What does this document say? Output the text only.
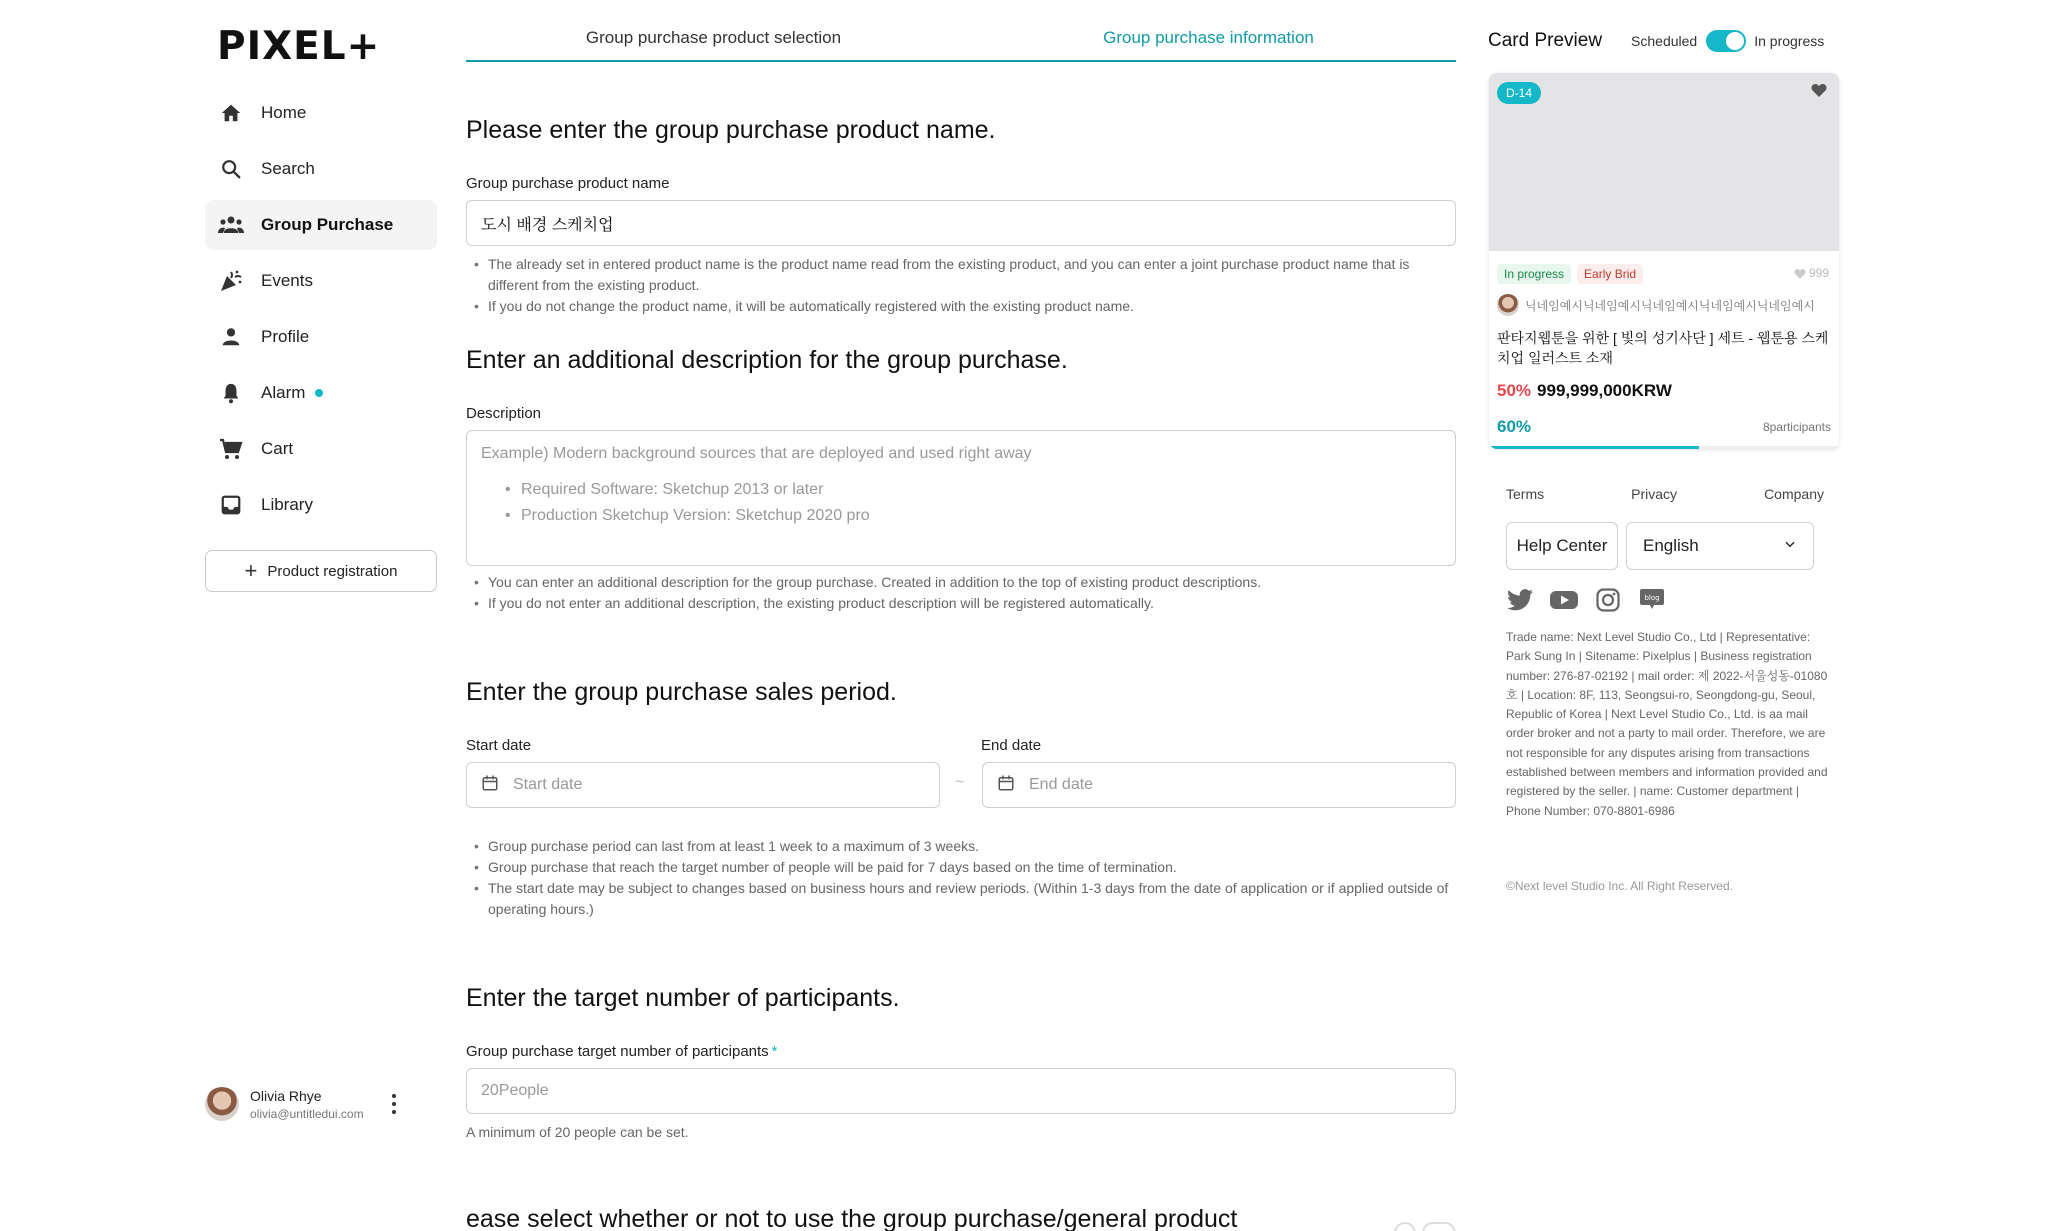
PIXEL+
Home
Search
Group Purchase
Events
Profile
Alarm
Cart
Library
+ Product registration
Olivia Rhye
olivia@untitledui.com
Group purchase product selection	Group purchase information
Please enter the group purchase product name.
Group purchase product name
도시 배경 스케치업
• The already set in entered product name is the product name read from the existing product, and you can enter a joint purchase product name that is different from the existing product.
• If you do not change the product name, it will be automatically registered with the existing product name.
Enter an additional description for the group purchase.
Description
Example) Modern background sources that are deployed and used right away
• Required Software: Sketchup 2013 or later
• Production Sketchup Version: Sketchup 2020 pro
• You can enter an additional description for the group purchase. Created in addition to the top of existing product descriptions.
• If you do not enter an additional description, the existing product description will be registered automatically.
Enter the group purchase sales period.
Start date	End date
Start date
~
End date
• Group purchase period can last from at least 1 week to a maximum of 3 weeks.
• Group purchase that reach the target number of people will be paid for 7 days based on the time of termination.
• The start date may be subject to changes based on business hours and review periods. (Within 1-3 days from the date of application or if applied outside of operating hours.)
Enter the target number of participants.
Group purchase target number of participants *
20People
A minimum of 20 people can be set.
ease select whether or not to use the group purchase/general product
Card Preview Scheduled	In progress
D-14
In progress	Early Brid	999
닉네임예시닉네임예시닉네임예시닉네임예시닉네임예시
판타지웹툰을 위한 [ 빛의 성기사단 ] 세트 - 웹툰용 스케치업 일러스트 소재
50% 999,999,000KRW
60%	8participants
Terms	Privacy	Company
Help Center	English
blog
Trade name: Next Level Studio Co., Ltd | Representative: Park Sung In | Sitename: Pixelplus | Business registration number: 276-87-02192 | mail order: 제 2022-서울성동-01080호 | Location: 8F, 113, Seongsui-ro, Seongdong-gu, Seoul, Republic of Korea | Next Level Studio Co., Ltd. is aa mail order broker and not a party to mail order. Therefore, we are not responsible for any disputes arising from transactions established between members and information provided and registered by the seller. | name: Customer department | Phone Number: 070-8801-6986
©Next level Studio Inc. All Right Reserved.
